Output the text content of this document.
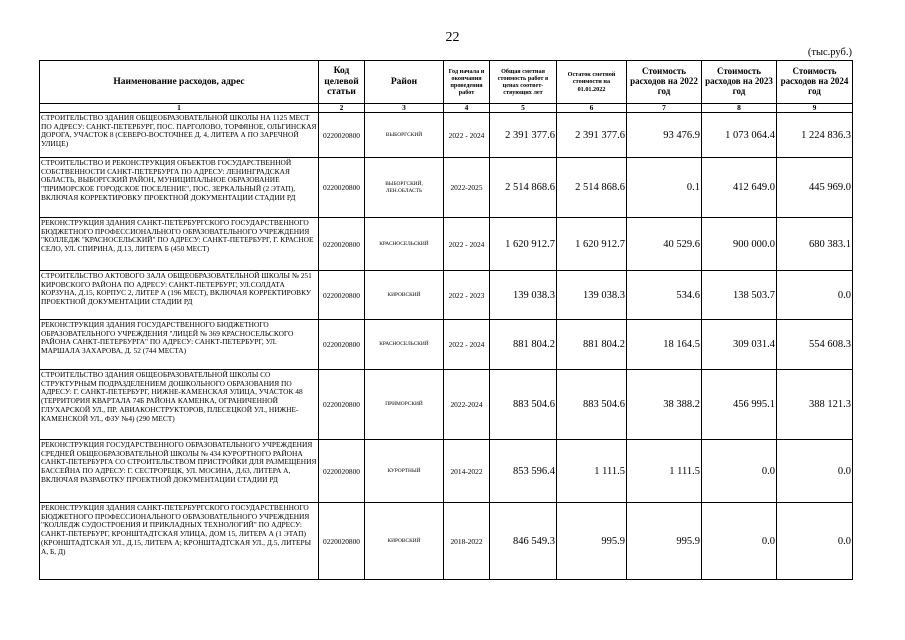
22
(тыс.руб.)
Наименование расходов, адрес	Код целевой статьи	Район	Год начала и окончания проведения работ	Общая сметная стоимость работ в ценах соответ-ствующих лет	Остаток сметной стоимости на 01.01.2022	Стоимость расходов на 2022 год	Стоимость расходов на 2023 год	Стоимость расходов на 2024 год
1	2	3	4	5	6	7	8	9
СТРОИТЕЛЬСТВО ЗДАНИЯ ОБЩЕОБРАЗОВАТЕЛЬНОЙ ШКОЛЫ НА 1125 МЕСТ ПО АДРЕСУ: САНКТ-ПЕТЕРБУРГ, ПОС. ПАРГОЛОВО, ТОРФЯНОЕ, ОЛЬГИНСКАЯ ДОРОГА, УЧАСТОК 8 (СЕВЕРО-ВОСТОЧНЕЕ Д. 4, ЛИТЕРА А ПО ЗАРЕЧНОЙ УЛИЦЕ)	0220020800	ВЫБОРГСКИЙ	2022 - 2024	2 391 377.6	2 391 377.6	93 476.9	1 073 064.4	1 224 836.3
СТРОИТЕЛЬСТВО И РЕКОНСТРУКЦИЯ ОБЪЕКТОВ ГОСУДАРСТВЕННОЙ СОБСТВЕННОСТИ САНКТ-ПЕТЕРБУРГА ПО АДРЕСУ: ЛЕНИНГРАДСКАЯ ОБЛАСТЬ, ВЫБОРГСКИЙ РАЙОН, МУНИЦИПАЛЬНОЕ ОБРАЗОВАНИЕ "ПРИМОРСКОЕ ГОРОДСКОЕ ПОСЕЛЕНИЕ", ПОС. ЗЕРКАЛЬНЫЙ (2 ЭТАП), ВКЛЮЧАЯ КОРРЕКТИРОВКУ ПРОЕКТНОЙ ДОКУМЕНТАЦИИ СТАДИИ РД	0220020800	ВЫБОРГСКИЙ, ЛЕН.ОБЛАСТЬ	2022-2025	2 514 868.6	2 514 868.6	0.1	412 649.0	445 969.0
РЕКОНСТРУКЦИЯ ЗДАНИЯ САНКТ-ПЕТЕРБУРГСКОГО ГОСУДАРСТВЕННОГО БЮДЖЕТНОГО ПРОФЕССИОНАЛЬНОГО ОБРАЗОВАТЕЛЬНОГО УЧРЕЖДЕНИЯ "КОЛЛЕДЖ "КРАСНОСЕЛЬСКИЙ" ПО АДРЕСУ: САНКТ-ПЕТЕРБУРГ, Г. КРАСНОЕ СЕЛО, УЛ. СПИРИНА, Д.13, ЛИТЕРА Б (450 МЕСТ)	0220020800	КРАСНОСЕЛЬСКИЙ	2022 - 2024	1 620 912.7	1 620 912.7	40 529.6	900 000.0	680 383.1
СТРОИТЕЛЬСТВО АКТОВОГО ЗАЛА ОБЩЕОБРАЗОВАТЕЛЬНОЙ ШКОЛЫ № 251 КИРОВСКОГО РАЙОНА ПО АДРЕСУ: САНКТ-ПЕТЕРБУРГ, УЛ.СОЛДАТА КОРЗУНА, Д.15, КОРПУС 2, ЛИТЕР А (196 МЕСТ), ВКЛЮЧАЯ КОРРЕКТИРОВКУ ПРОЕКТНОЙ ДОКУМЕНТАЦИИ СТАДИИ РД	0220020800	КИРОВСКИЙ	2022 - 2023	139 038.3	139 038.3	534.6	138 503.7	0.0
РЕКОНСТРУКЦИЯ ЗДАНИЯ ГОСУДАРСТВЕННОГО БЮДЖЕТНОГО ОБРАЗОВАТЕЛЬНОГО УЧРЕЖДЕНИЯ "ЛИЦЕЙ № 369 КРАСНОСЕЛЬСКОГО РАЙОНА САНКТ-ПЕТЕРБУРГА" ПО АДРЕСУ: САНКТ-ПЕТЕРБУРГ, УЛ. МАРШАЛА ЗАХАРОВА, Д. 52 (744 МЕСТА)	0220020800	КРАСНОСЕЛЬСКИЙ	2022 - 2024	881 804.2	881 804.2	18 164.5	309 031.4	554 608.3
СТРОИТЕЛЬСТВО ЗДАНИЯ ОБЩЕОБРАЗОВАТЕЛЬНОЙ ШКОЛЫ СО СТРУКТУРНЫМ ПОДРАЗДЕЛЕНИЕМ ДОШКОЛЬНОГО ОБРАЗОВАНИЯ ПО АДРЕСУ: Г. САНКТ-ПЕТЕРБУРГ, НИЖНЕ-КАМЕНСКАЯ УЛИЦА, УЧАСТОК 48 (ТЕРРИТОРИЯ КВАРТАЛА 74Б РАЙОНА КАМЕНКА, ОГРАНИЧЕННОЙ ГЛУХАРСКОЙ УЛ., ПР. АВИАКОНСТРУКТОРОВ, ПЛЕСЕЦКОЙ УЛ., НИЖНЕ-КАМЕНСКОЙ УЛ., ФЗУ №4) (290 МЕСТ)	0220020800	ПРИМОРСКИЙ	2022-2024	883 504.6	883 504.6	38 388.2	456 995.1	388 121.3
РЕКОНСТРУКЦИЯ ГОСУДАРСТВЕННОГО ОБРАЗОВАТЕЛЬНОГО УЧРЕЖДЕНИЯ СРЕДНЕЙ ОБЩЕОБРАЗОВАТЕЛЬНОЙ ШКОЛЫ № 434 КУРОРТНОГО РАЙОНА САНКТ-ПЕТЕРБУРГА СО СТРОИТЕЛЬСТВОМ ПРИСТРОЙКИ ДЛЯ РАЗМЕЩЕНИЯ БАССЕЙНА ПО АДРЕСУ: Г. СЕСТРОРЕЦК, УЛ. МОСИНА, Д.63, ЛИТЕРА А, ВКЛЮЧАЯ РАЗРАБОТКУ ПРОЕКТНОЙ ДОКУМЕНТАЦИИ СТАДИИ РД	0220020800	КУРОРТНЫЙ	2014-2022	853 596.4	1 111.5	1 111.5	0.0	0.0
РЕКОНСТРУКЦИЯ ЗДАНИЯ САНКТ-ПЕТЕРБУРГСКОГО ГОСУДАРСТВЕННОГО БЮДЖЕТНОГО ПРОФЕССИОНАЛЬНОГО ОБРАЗОВАТЕЛЬНОГО УЧРЕЖДЕНИЯ "КОЛЛЕДЖ СУДОСТРОЕНИЯ И ПРИКЛАДНЫХ ТЕХНОЛОГИЙ" ПО АДРЕСУ: САНКТ-ПЕТЕРБУРГ, КРОНШТАДТСКАЯ УЛИЦА, ДОМ 15, ЛИТЕРА А (1 ЭТАП) (КРОНШТАДТСКАЯ УЛ., Д.15, ЛИТЕРА А; КРОНШТАДТСКАЯ УЛ., Д.5, ЛИТЕРЫ А, Б, Д)	0220020800	КИРОВСКИЙ	2018-2022	846 549.3	995.9	995.9	0.0	0.0
